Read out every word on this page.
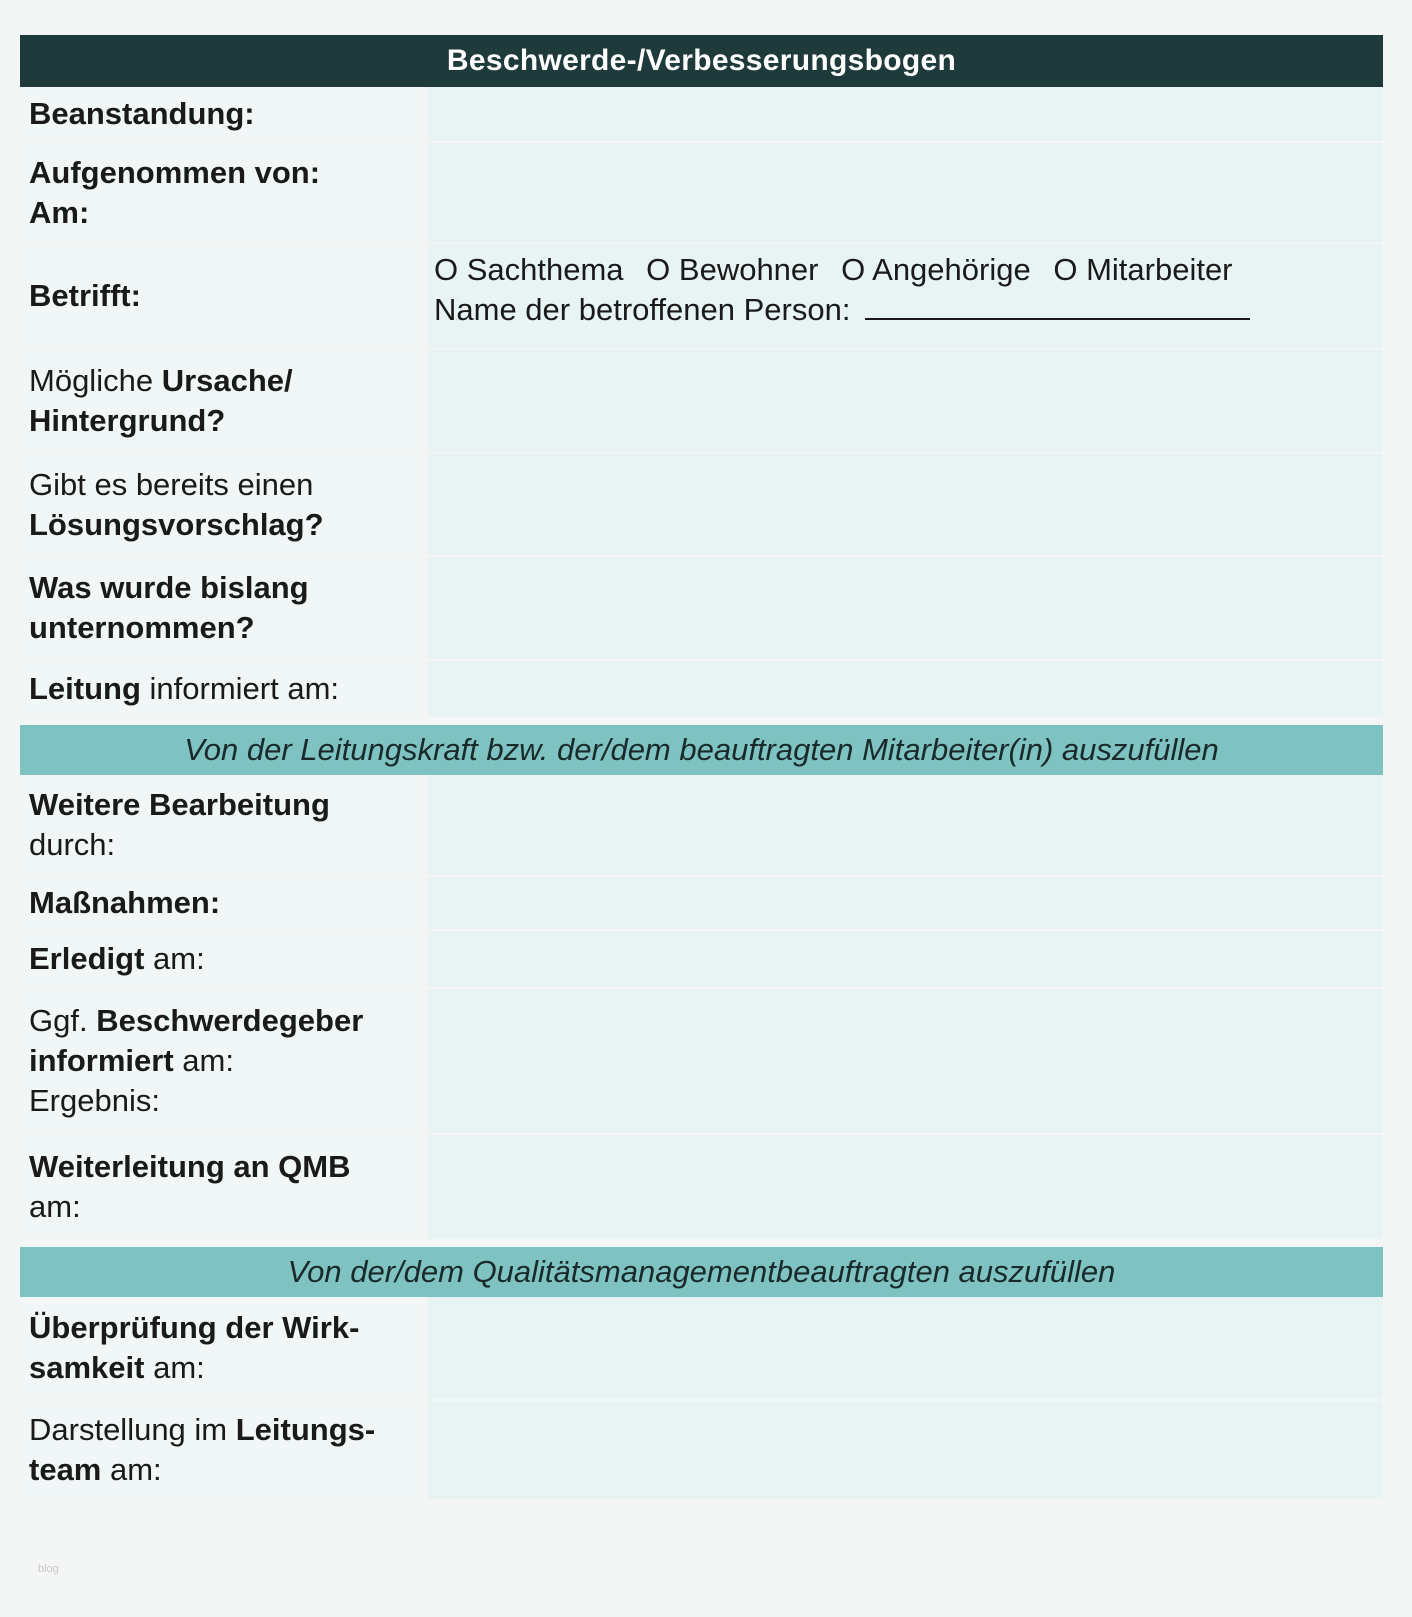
Beschwerde-/Verbesserungsbogen
Beanstandung:
Aufgenommen von:
Am:
Betrifft:
O Sachthema O Bewohner O Angehörige O Mitarbeiter
Name der betroffenen Person:
Mögliche Ursache/
Hintergrund?
Gibt es bereits einen
Lösungsvorschlag?
Was wurde bislang
unternommen?
Leitung informiert am:
Von der Leitungskraft bzw. der/dem beauftragten Mitarbeiter(in) auszufüllen
Weitere Bearbeitung
durch:
Maßnahmen:
Erledigt am:
Ggf. Beschwerdegeber
informiert am:
Ergebnis:
Weiterleitung an QMB
am:
Von der/dem Qualitätsmanagementbeauftragten auszufüllen
Überprüfung der Wirk-
samkeit am:
Darstellung im Leitungs-
team am:
blog
